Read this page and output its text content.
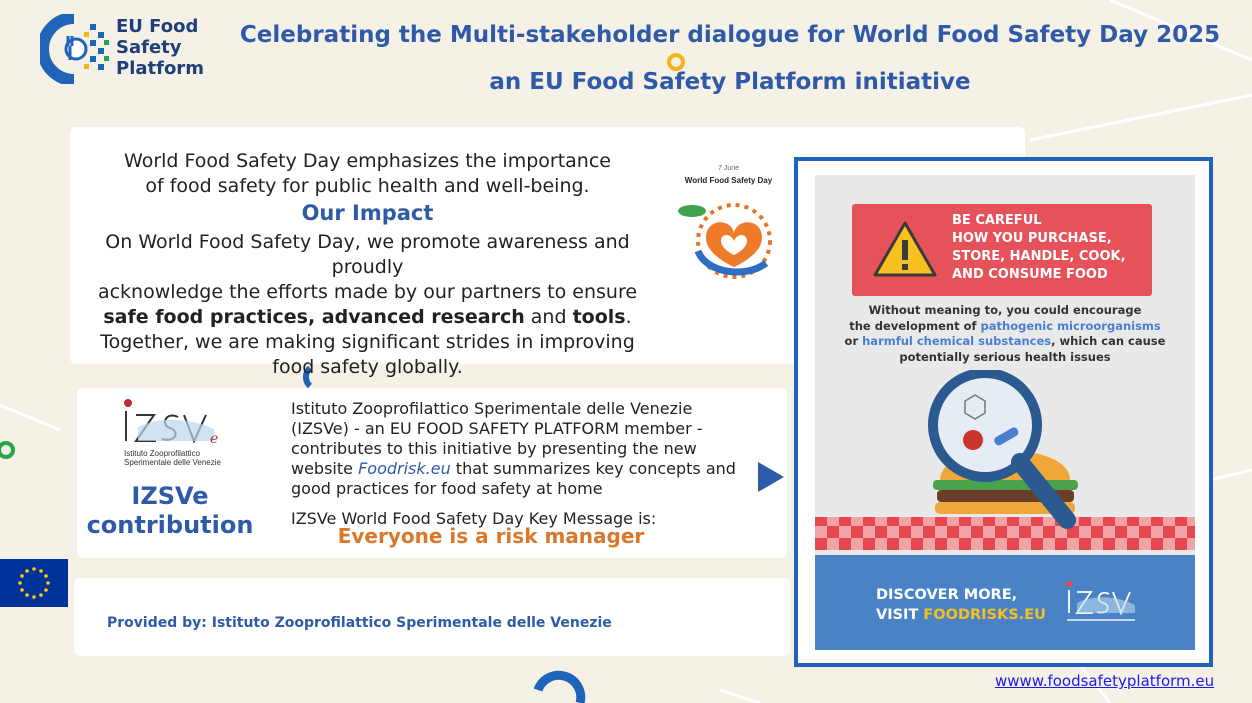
EU Food
Safety
Platform
Celebrating the Multi-stakeholder dialogue for World Food Safety Day 2025
an EU Food Safety Platform initiative
World Food Safety Day emphasizes the importance
of food safety for public health and well-being.
Our Impact
On World Food Safety Day, we promote awareness and proudly
acknowledge the efforts made by our partners to ensure
safe food practices, advanced research and tools.
Together, we are making significant strides in improving
food safety globally.
7 June
World Food Safety Day
e
Istituto Zooprofilattico
Sperimentale delle Venezie
IZSVe
contribution
Istituto Zooprofilattico Sperimentale delle Venezie (IZSVe) - an EU FOOD SAFETY PLATFORM member - contributes to this initiative by presenting the new website Foodrisk.eu that summarizes key concepts and good practices for food safety at home
IZSVe World Food Safety Day Key Message is:
Everyone is a risk manager
Provided by: Istituto Zooprofilattico Sperimentale delle Venezie
BE CAREFUL
HOW YOU PURCHASE,
STORE, HANDLE, COOK,
AND CONSUME FOOD
Without meaning to, you could encourage
the development of pathogenic microorganisms
or harmful chemical substances, which can cause
potentially serious health issues
DISCOVER MORE,
VISIT FOODRISKS.EU
wwww.foodsafetyplatform.eu
